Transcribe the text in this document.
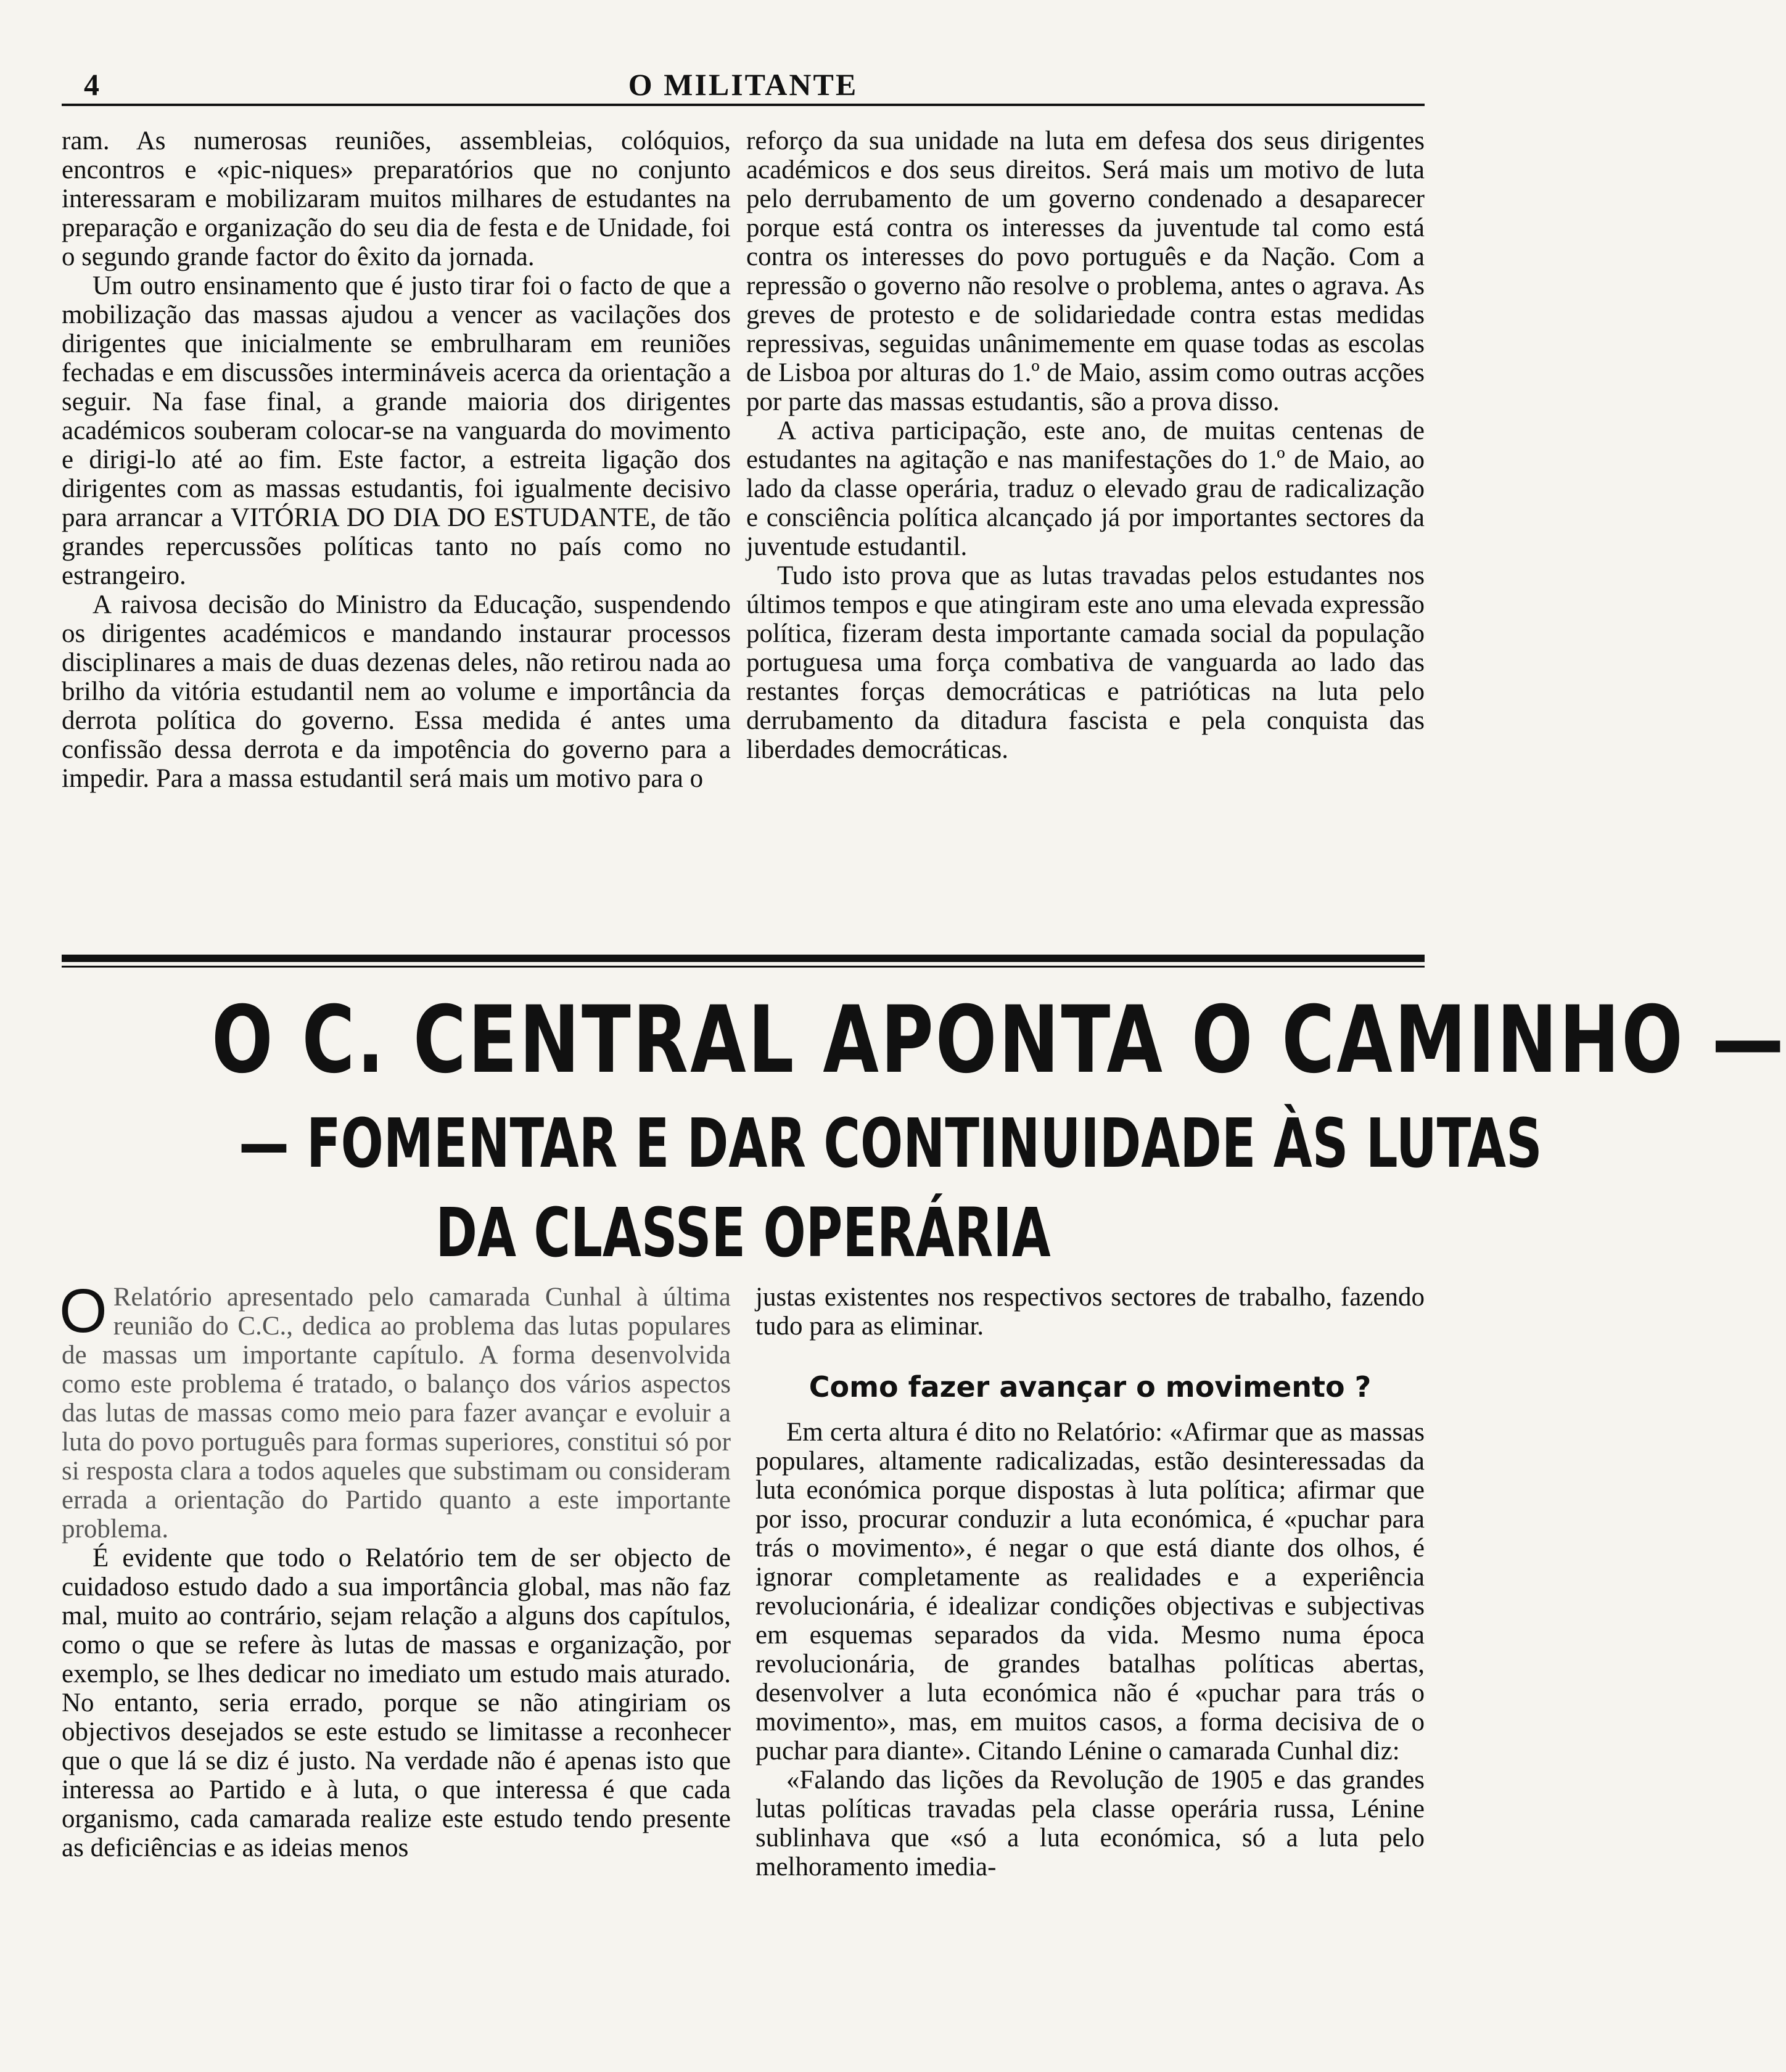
4	O MILITANTE

ram. As numerosas reuniões, assembleias, colóquios, encontros e «pic-niques» preparatórios que no conjunto interessaram e mobilizaram muitos milhares de estudantes na preparação e organização do seu dia de festa e de Unidade, foi o segundo grande factor do êxito da jornada.

Um outro ensinamento que é justo tirar foi o facto de que a mobilização das massas ajudou a vencer as vacilações dos dirigentes que inicialmente se embrulharam em reuniões fechadas e em discussões intermináveis acerca da orientação a seguir. Na fase final, a grande maioria dos dirigentes académicos souberam colocar-se na vanguarda do movimento e dirigi-lo até ao fim. Este factor, a estreita ligação dos dirigentes com as massas estudantis, foi igualmente decisivo para arrancar a VITÓRIA DO DIA DO ESTUDANTE, de tão grandes repercussões políticas tanto no país como no estrangeiro.

A raivosa decisão do Ministro da Educação, suspendendo os dirigentes académicos e mandando instaurar processos disciplinares a mais de duas dezenas deles, não retirou nada ao brilho da vitória estudantil nem ao volume e importância da derrota política do governo. Essa medida é antes uma confissão dessa derrota e da impotência do governo para a impedir. Para a massa estudantil será mais um motivo para o

reforço da sua unidade na luta em defesa dos seus dirigentes académicos e dos seus direitos. Será mais um motivo de luta pelo derrubamento de um governo condenado a desaparecer porque está contra os interesses da juventude tal como está contra os interesses do povo português e da Nação. Com a repressão o governo não resolve o problema, antes o agrava. As greves de protesto e de solidariedade contra estas medidas repressivas, seguidas unânimemente em quase todas as escolas de Lisboa por alturas do 1.º de Maio, assim como outras acções por parte das massas estudantis, são a prova disso.

A activa participação, este ano, de muitas centenas de estudantes na agitação e nas manifestações do 1.º de Maio, ao lado da classe operária, traduz o elevado grau de radicalização e consciência política alcançado já por importantes sectores da juventude estudantil.

Tudo isto prova que as lutas travadas pelos estudantes nos últimos tempos e que atingiram este ano uma elevada expressão política, fizeram desta importante camada social da população portuguesa uma força combativa de vanguarda ao lado das restantes forças democráticas e patrióticas na luta pelo derrubamento da ditadura fascista e pela conquista das liberdades democráticas.

O C. CENTRAL APONTA O CAMINHO —
— FOMENTAR E DAR CONTINUIDADE ÀS LUTAS
DA CLASSE OPERÁRIA

O Relatório apresentado pelo camarada Cunhal à última reunião do C.C., dedica ao problema das lutas populares de massas um importante capítulo. A forma desenvolvida como este problema é tratado, o balanço dos vários aspectos das lutas de massas como meio para fazer avançar e evoluir a luta do povo português para formas superiores, constitui só por si resposta clara a todos aqueles que substimam ou consideram errada a orientação do Partido quanto a este importante problema.

É evidente que todo o Relatório tem de ser objecto de cuidadoso estudo dado a sua importância global, mas não faz mal, muito ao contrário, sejam relação a alguns dos capítulos, como o que se refere às lutas de massas e organização, por exemplo, se lhes dedicar no imediato um estudo mais aturado. No entanto, seria errado, porque se não atingiriam os objectivos desejados se este estudo se limitasse a reconhecer que o que lá se diz é justo. Na verdade não é apenas isto que interessa ao Partido e à luta, o que interessa é que cada organismo, cada camarada realize este estudo tendo presente as deficiências e as ideias menos

justas existentes nos respectivos sectores de trabalho, fazendo tudo para as eliminar.

Como fazer avançar o movimento ?

Em certa altura é dito no Relatório: «Afirmar que as massas populares, altamente radicalizadas, estão desinteressadas da luta económica porque dispostas à luta política; afirmar que por isso, procurar conduzir a luta económica, é «puchar para trás o movimento», é negar o que está diante dos olhos, é ignorar completamente as realidades e a experiência revolucionária, é idealizar condições objectivas e subjectivas em esquemas separados da vida. Mesmo numa época revolucionária, de grandes batalhas políticas abertas, desenvolver a luta económica não é «puchar para trás o movimento», mas, em muitos casos, a forma decisiva de o puchar para diante». Citando Lénine o camarada Cunhal diz:

«Falando das lições da Revolução de 1905 e das grandes lutas políticas travadas pela classe operária russa, Lénine sublinhava que «só a luta económica, só a luta pelo melhoramento imedia-
